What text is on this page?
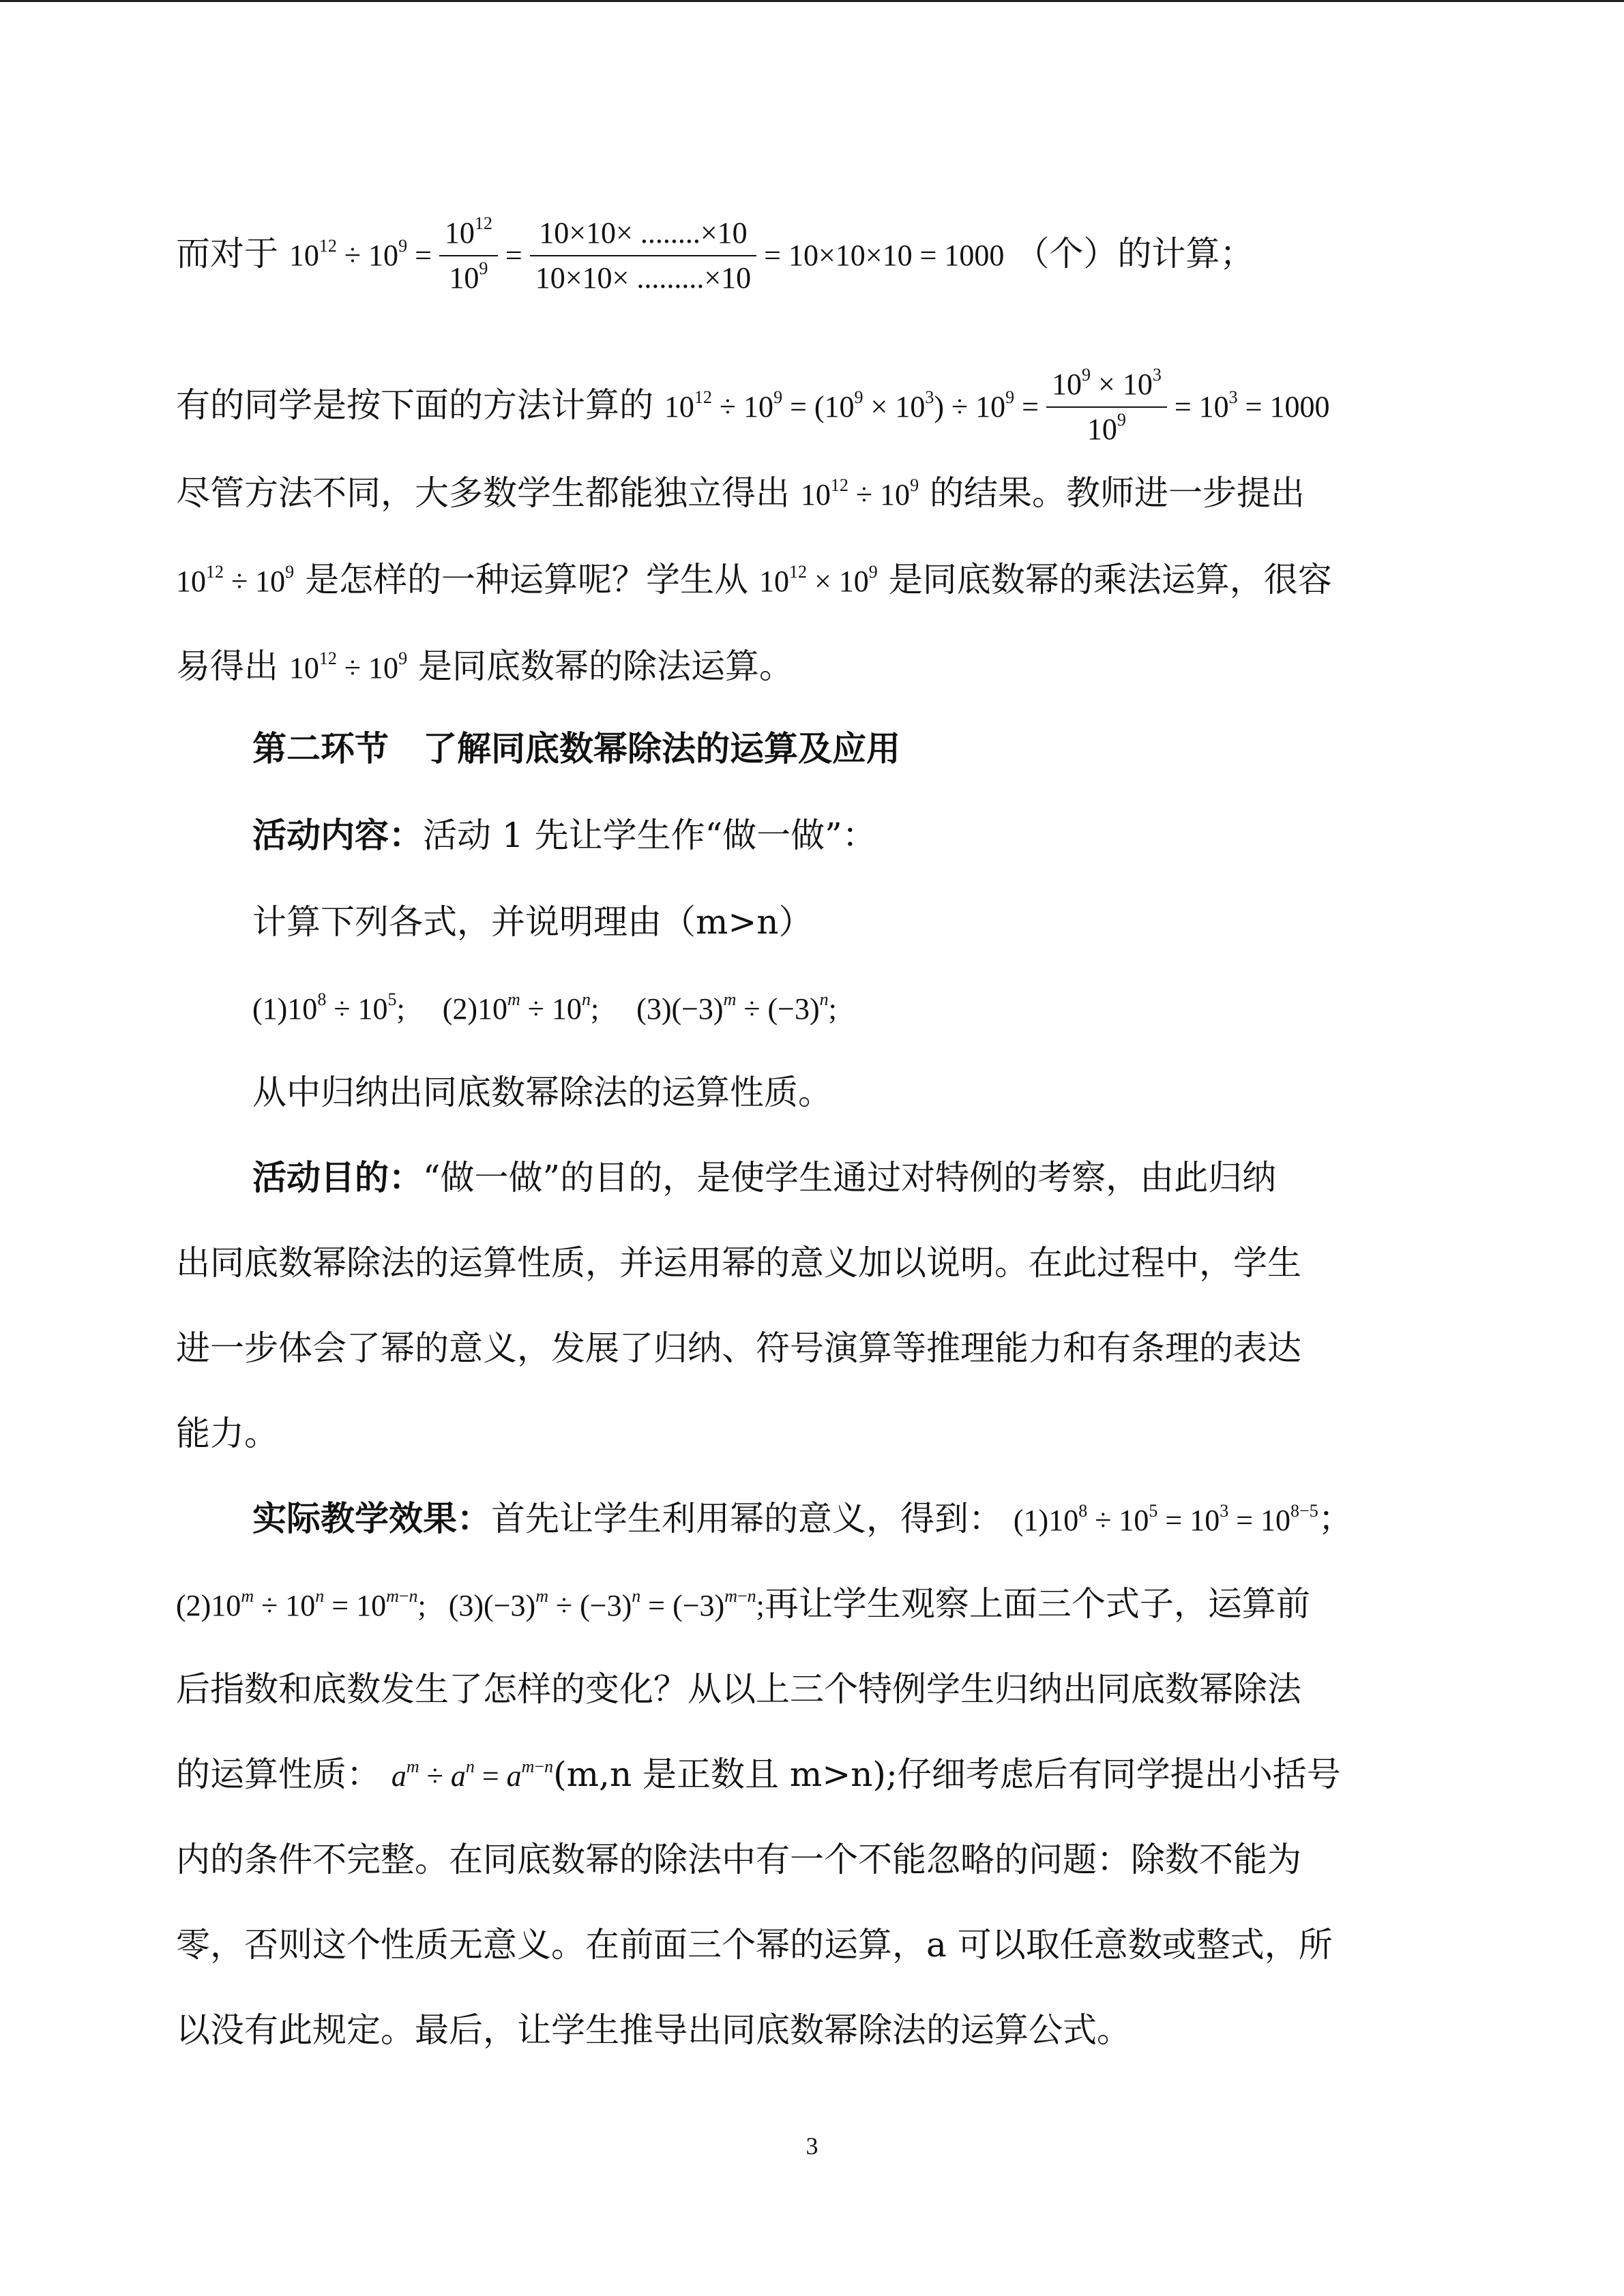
而对于 $10^{12} \div 10^9 = \frac{10^{12}}{10^9} = \frac{10\times 10\times ........\times 10}{10\times 10\times .........\times 10} = 10\times 10\times 10 = 1000$ （个）的计算；
有的同学是按下面的方法计算的 $10^{12} \div 10^9 = (10^9 \times 10^3) \div 10^9 = \frac{10^9 \times 10^3}{10^9} = 10^3 = 1000$
尽管方法不同，大多数学生都能独立得出 $10^{12} \div 10^9$ 的结果。教师进一步提出
$10^{12} \div 10^9$ 是怎样的一种运算呢？学生从 $10^{12} \times 10^9$ 是同底数幂的乘法运算，很容
易得出 $10^{12} \div 10^9$ 是同底数幂的除法运算。
第二环节　了解同底数幂除法的运算及应用
活动内容：活动 1 先让学生作“做一做”：
计算下列各式，并说明理由（m>n）
$(1)10^8 \div 10^5$;     $(2)10^m \div 10^n$;     $(3)(-3)^m \div (-3)^n$;
从中归纳出同底数幂除法的运算性质。
活动目的：“做一做”的目的，是使学生通过对特例的考察，由此归纳
出同底数幂除法的运算性质，并运用幂的意义加以说明。在此过程中，学生
进一步体会了幂的意义，发展了归纳、符号演算等推理能力和有条理的表达
能力。
实际教学效果：首先让学生利用幂的意义，得到： $(1)10^8 \div 10^5 = 10^3 = 10^{8-5}$；
$(2)10^m \div 10^n = 10^{m-n}$;   $(3)(-3)^m \div (-3)^n = (-3)^{m-n}$;再让学生观察上面三个式子，运算前
后指数和底数发生了怎样的变化？从以上三个特例学生归纳出同底数幂除法
的运算性质： $a^m \div a^n = a^{m-n}(m,n$ 是正数且 m>n);仔细考虑后有同学提出小括号
内的条件不完整。在同底数幂的除法中有一个不能忽略的问题：除数不能为
零，否则这个性质无意义。在前面三个幂的运算，a 可以取任意数或整式，所
以没有此规定。最后，让学生推导出同底数幂除法的运算公式。
3
